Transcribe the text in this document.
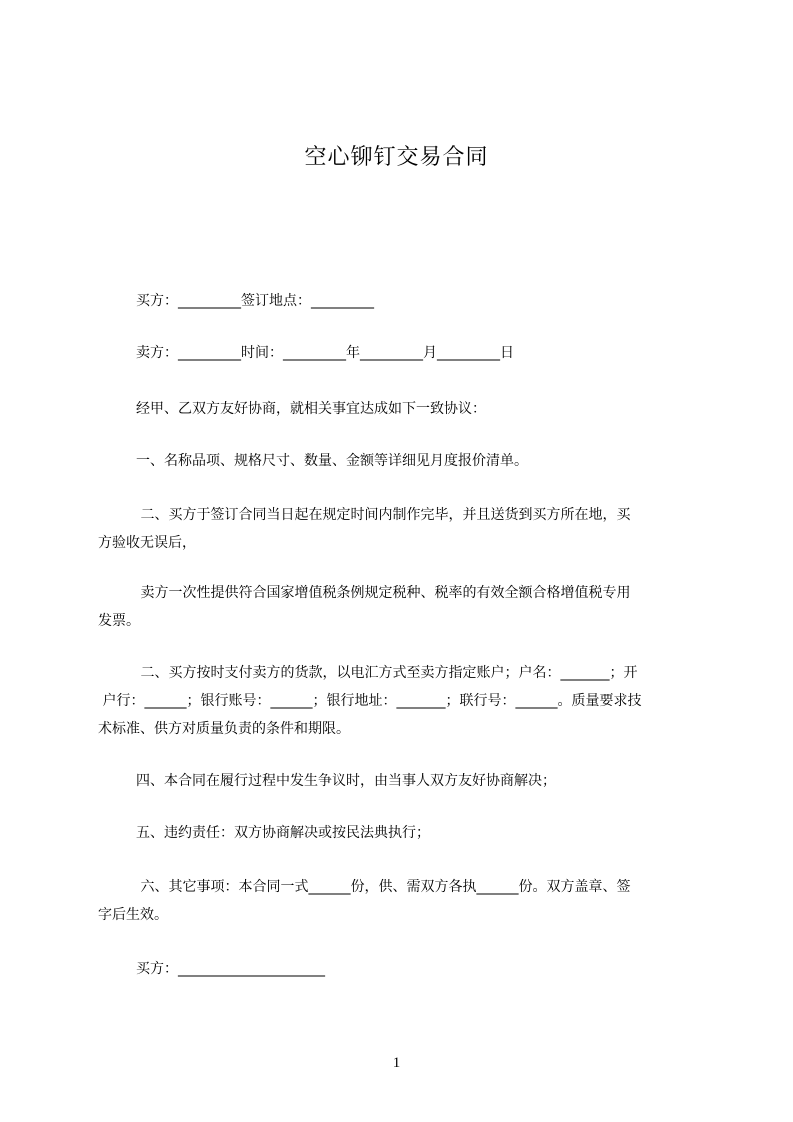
空心铆钉交易合同
买方：_________签订地点：_________
卖方：_________时间：_________年_________月_________日
经甲、乙双方友好协商，就相关事宜达成如下一致协议：
一、名称品项、规格尺寸、数量、金额等详细见月度报价清单。
二、买方于签订合同当日起在规定时间内制作完毕，并且送货到买方所在地，买
方验收无误后，
卖方一次性提供符合国家增值税条例规定税种、税率的有效全额合格增值税专用
发票。
二、买方按时支付卖方的货款，以电汇方式至卖方指定账户；户名：_______；开
户行：______；银行账号：______；银行地址：_______；联行号：______。质量要求技
术标准、供方对质量负责的条件和期限。
四、本合同在履行过程中发生争议时，由当事人双方友好协商解决；
五、违约责任：双方协商解决或按民法典执行；
六、其它事项：本合同一式______份，供、需双方各执______份。双方盖章、签
字后生效。
买方：_____________________
1
